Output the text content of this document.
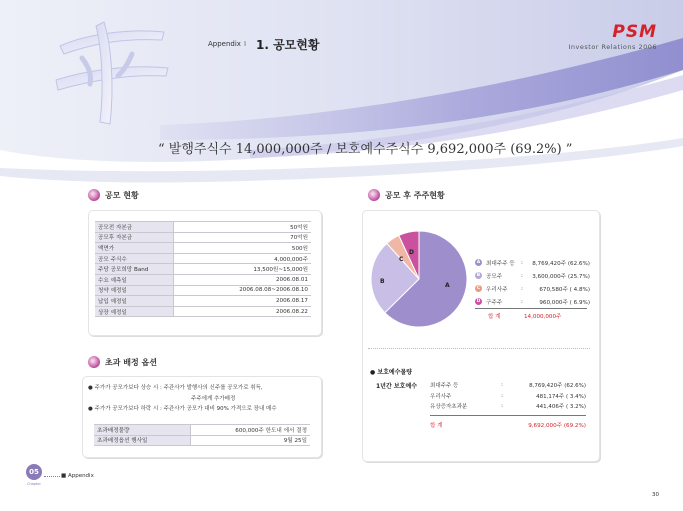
Appendix I 1. 공모현황
PSM
Investor Relations 2006
“ 발행주식수 14,000,000주 / 보호예수주식수 9,692,000주 (69.2%) ”
공모 현황
공모전 자본금	50억원
공모후 자본금	70억원
액면가	500원
공모 주식수	4,000,000주
주당 공모희망 Band	13,500원~15,000원
수요 예측일	2006.08.01
청약 예정일	2006.08.08~2006.08.10
납입 예정일	2006.08.17
상장 예정일	2006.08.22
초과 배정 옵션
● 주가가 공모가보다 상승 시 : 주관사가 발행사의 신주를 공모가로 취득,
주주에게 추가배정
● 주가가 공모가보다 하락 시 : 주관사가 공모가 대비 90% 가격으로 장내 매수
초과배정물량	600,000주 한도내 에서 결정
초과배정옵션 행사일	9월 25일
공모 후 주주현황
A
B
C
D
A	최대주주 등	:	8,769,420주 (62.6%)
B	공모주	:	3,600,000주 (25.7%)
C	우리사주	:	670,580주 ( 4.8%)
D 구주주	:	960,000주 ( 6.9%)
합 계	14,000,000주
● 보호예수물량
1년간 보호예수 최대주주 등	:	8,769,420주 (62.6%)
우리사주	:	481,174주 ( 3.4%)
유상증자초과분	:	441,406주 ( 3.2%)
합 계	9,692,000주 (69.2%)
05
Chapter
■ Appendix
30
